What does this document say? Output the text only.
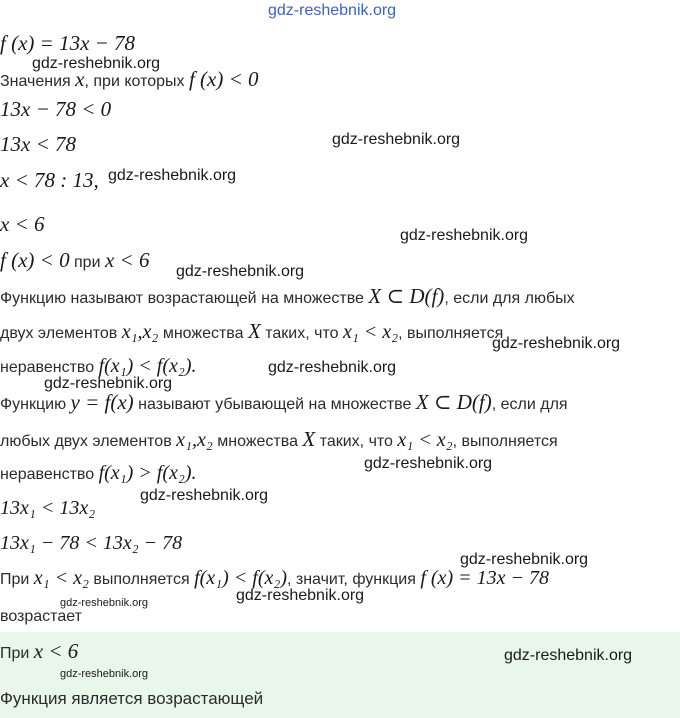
gdz-reshebnik.org
f (x) = 13x − 78
gdz-reshebnik.org
Значения x, при которых f (x) < 0
13x − 78 < 0
13x < 78	gdz-reshebnik.org
x < 78 : 13, gdz-reshebnik.org
x < 6	gdz-reshebnik.org
f (x) < 0 при x < 6 gdz-reshebnik.org
Функцию называют возрастающей на множестве X ⊂ D(f), если для любых
двух элементов x₁,x₂ множества X таких, что x₁ < x₂, выполняется
gdz-reshebnik.org
неравенство f(x₁) < f(x₂).	gdz-reshebnik.org
gdz-reshebnik.org
Функцию y = f(x) называют убывающей на множестве X ⊂ D(f), если для
любых двух элементов x₁,x₂ множества X таких, что x₁ < x₂, выполняется
gdz-reshebnik.org
неравенство f(x₁) > f(x₂).
gdz-reshebnik.org
13x₁ < 13x₂
13x₁ − 78 < 13x₂ − 78
gdz-reshebnik.org
При x₁ < x₂ выполняется f(x₁) < f(x₂), значит, функция f (x) = 13x − 78
gdz-reshebnik.org
gdz-reshebnik.org
возрастает
При x < 6	gdz-reshebnik.org
gdz-reshebnik.org
Функция является возрастающей
